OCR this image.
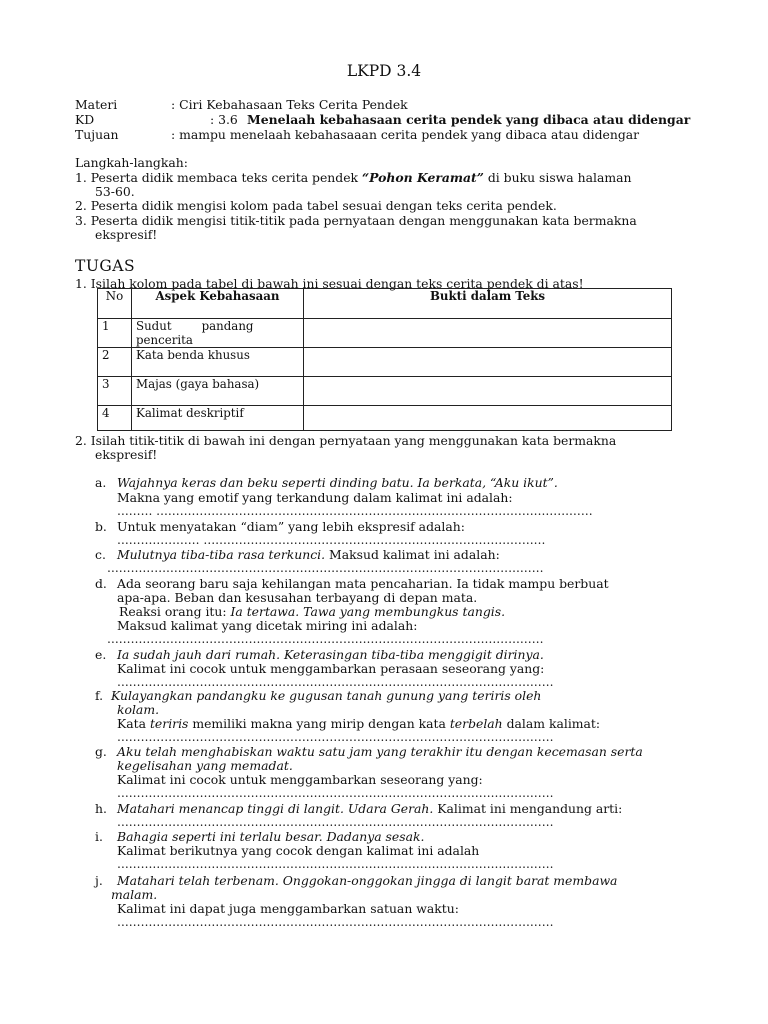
LKPD 3.4
Materi	: Ciri Kebahasaan Teks Cerita Pendek
KD	: 3.6 Menelaah kebahasaan cerita pendek yang dibaca atau didengar
Tujuan	: mampu menelaah kebahasaaan cerita pendek yang dibaca atau didengar
Langkah-langkah:
1. Peserta didik membaca teks cerita pendek “Pohon Keramat” di buku siswa halaman
53-60.
2. Peserta didik mengisi kolom pada tabel sesuai dengan teks cerita pendek.
3. Peserta didik mengisi titik-titik pada pernyataan dengan menggunakan kata bermakna
ekspresif!
TUGAS
1. Isilah kolom pada tabel di bawah ini sesuai dengan teks cerita pendek di atas!
No	Aspek Kebahasaan	Bukti dalam Teks
1	Sudut        pandang pencerita	
2	Kata benda khusus	
3	Majas (gaya bahasa)	
4	Kalimat deskriptif	
2. Isilah titik-titik di bawah ini dengan pernyataan yang menggunakan kata bermakna
ekspresif!
a. Wajahnya keras dan beku seperti dinding batu. Ia berkata, “Aku ikut”.
Makna yang emotif yang terkandung dalam kalimat ini adalah:
……… …………………………………………………………………………………………………
b. Untuk menyatakan “diam” yang lebih ekspresif adalah:
………………… ……………………………………………………………………………
c. Mulutnya tiba-tiba rasa terkunci. Maksud kalimat ini adalah:
…………………………………………………………………………………………………
d. Ada seorang baru saja kehilangan mata pencaharian. Ia tidak mampu berbuat
apa-apa. Beban dan kesusahan terbayang di depan mata.
Reaksi orang itu: Ia tertawa. Tawa yang membungkus tangis.
Maksud kalimat yang dicetak miring ini adalah:
…………………………………………………………………………………………………
e. Ia sudah jauh dari rumah. Keterasingan tiba-tiba menggigit dirinya.
Kalimat ini cocok untuk menggambarkan perasaan seseorang yang:
…………………………………………………………………………………………………
f. Kulayangkan pandangku ke gugusan tanah gunung yang teriris oleh
kolam.
Kata teriris memiliki makna yang mirip dengan kata terbelah dalam kalimat:
…………………………………………………………………………………………………
g. Aku telah menghabiskan waktu satu jam yang terakhir itu dengan kecemasan serta
kegelisahan yang memadat.
Kalimat ini cocok untuk menggambarkan seseorang yang:
…………………………………………………………………………………………………
h. Matahari menancap tinggi di langit. Udara Gerah. Kalimat ini mengandung arti:
…………………………………………………………………………………………………
i. Bahagia seperti ini terlalu besar. Dadanya sesak.
Kalimat berikutnya yang cocok dengan kalimat ini adalah
…………………………………………………………………………………………………
j. Matahari telah terbenam. Onggokan-onggokan jingga di langit barat membawa
malam.
Kalimat ini dapat juga menggambarkan satuan waktu:
…………………………………………………………………………………………………
